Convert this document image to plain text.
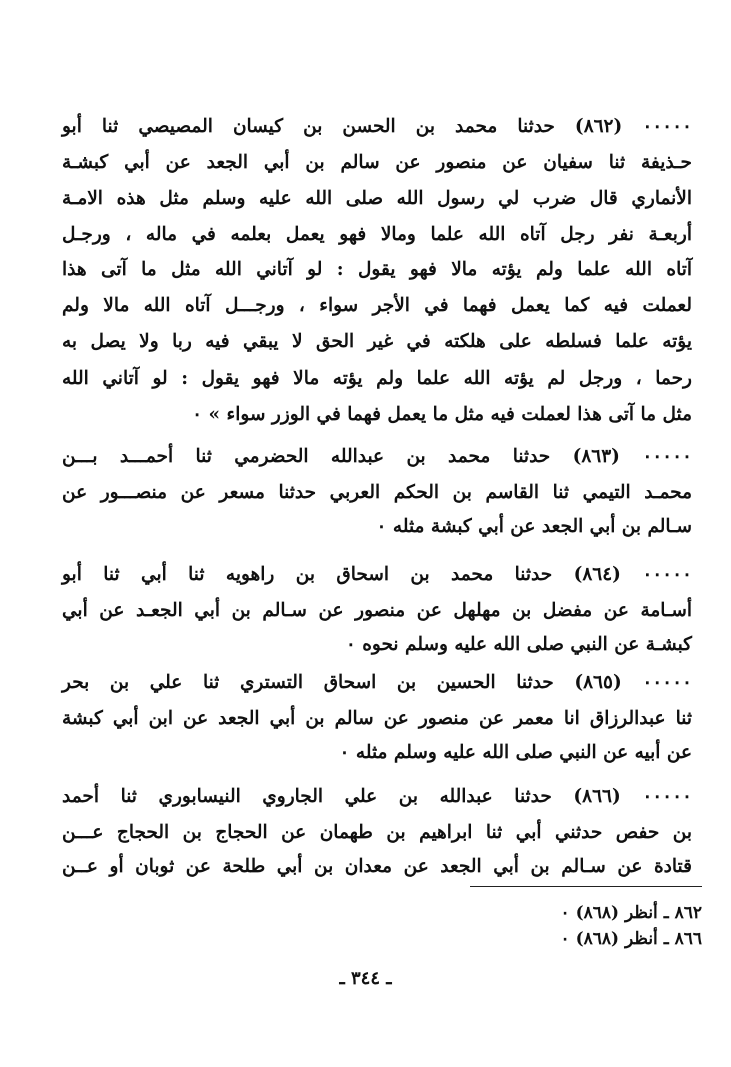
٠٠٠٠٠ (٨٦٢) حدثنا محمد بن الحسن بن كيسان المصيصي ثنا أبو
حـذيفة ثنا سفيان عن منصور عن سالم بن أبي الجعد عن أبي كبشـة
الأنماري قال ضرب لي رسول الله صلى الله عليه وسلم مثل هذه الامـة
أربعـة نفر رجل آتاه الله علما ومالا فهو يعمل بعلمه في ماله ، ورجـل
آتاه الله علما ولم يؤته مالا فهو يقول : لو آتاني الله مثل ما آتى هذا
لعملت فيه كما يعمل فهما في الأجر سواء ، ورجـــل آتاه الله مالا ولم
يؤته علما فسلطه على هلكته في غير الحق لا يبقي فيه ربا ولا يصل به
رحما ، ورجل لم يؤته الله علما ولم يؤته مالا فهو يقول : لو آتاني الله
مثل ما آتى هذا لعملت فيه مثل ما يعمل فهما في الوزر سواء » ٠
٠٠٠٠٠ (٨٦٣) حدثنا محمد بن عبدالله الحضرمي ثنا أحمـــد بـــن
محمـد التيمي ثنا القاسم بن الحكم العربي حدثنا مسعر عن منصـــور عن
سـالم بن أبي الجعد عن أبي كبشة مثله ٠
٠٠٠٠٠ (٨٦٤) حدثنا محمد بن اسحاق بن راهويه ثنا أبي ثنا أبو
أسـامة عن مفضل بن مهلهل عن منصور عن سـالم بن أبي الجعـد عن أبي
كبشـة عن النبي صلى الله عليه وسلم نحوه ٠
٠٠٠٠٠ (٨٦٥) حدثنا الحسين بن اسحاق التستري ثنا علي بن بحر
ثنا عبدالرزاق انا معمر عن منصور عن سالم بن أبي الجعد عن ابن أبي كبشة
عن أبيه عن النبي صلى الله عليه وسلم مثله ٠
٠٠٠٠٠ (٨٦٦) حدثنا عبدالله بن علي الجاروي النيسابوري ثنا أحمد
بن حفص حدثني أبي ثنا ابراهيم بن طهمان عن الحجاج بن الحجاج عـــن
قتادة عن سـالم بن أبي الجعد عن معدان بن أبي طلحة عن ثوبان أو عــن
٨٦٢ ـ أنظر (٨٦٨) ٠
٨٦٦ ـ أنظر (٨٦٨) ٠
ـ ٣٤٤ ـ
